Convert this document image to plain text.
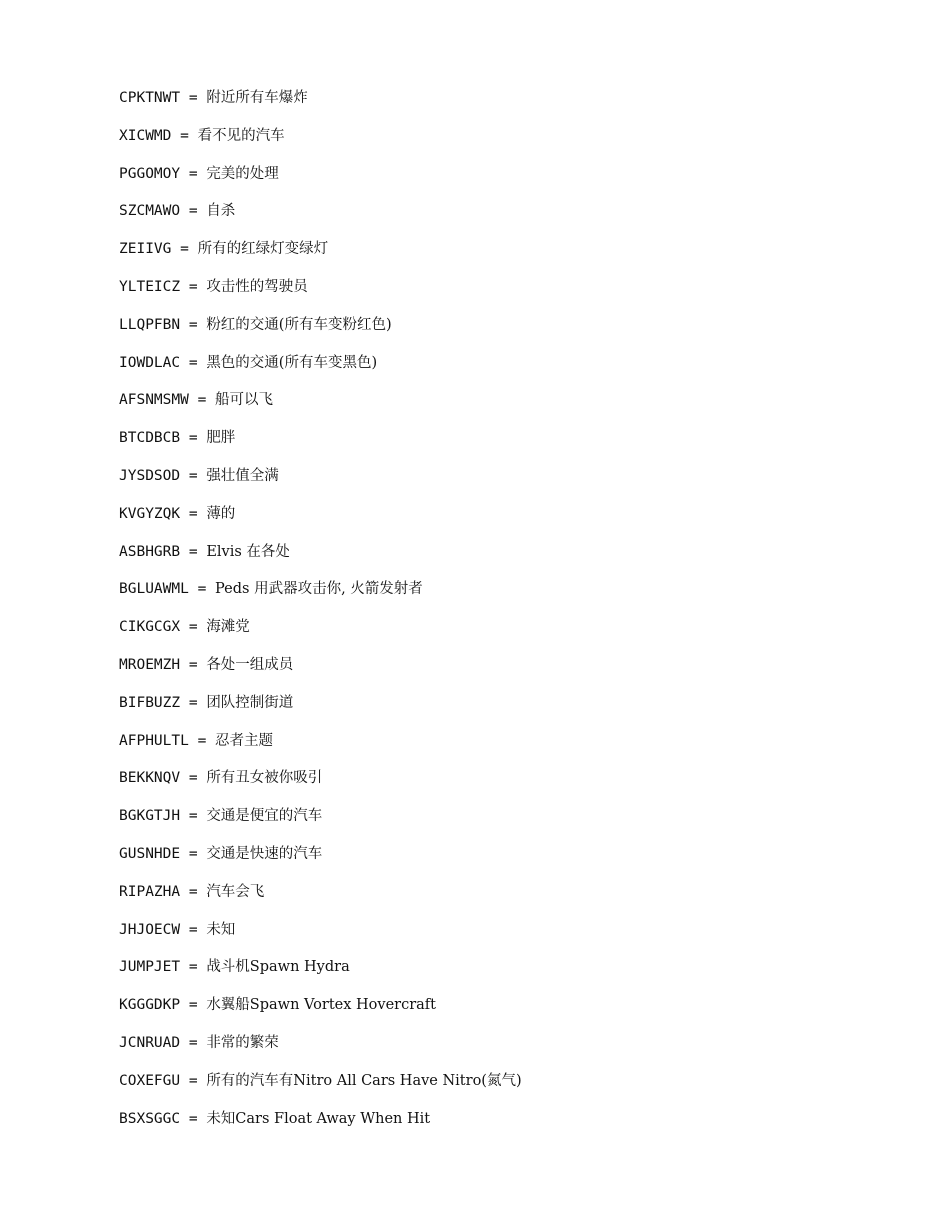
CPKTNWT = 附近所有车爆炸
XICWMD = 看不见的汽车
PGGOMOY = 完美的处理
SZCMAWO = 自杀
ZEIIVG = 所有的红绿灯变绿灯
YLTEICZ = 攻击性的驾驶员
LLQPFBN = 粉红的交通(所有车变粉红色)
IOWDLAC = 黑色的交通(所有车变黑色)
AFSNMSMW = 船可以飞
BTCDBCB = 肥胖
JYSDSOD = 强壮值全满
KVGYZQK = 薄的
ASBHGRB = Elvis 在各处
BGLUAWML = Peds 用武器攻击你, 火箭发射者
CIKGCGX = 海滩党
MROEMZH = 各处一组成员
BIFBUZZ = 团队控制街道
AFPHULTL = 忍者主题
BEKKNQV = 所有丑女被你吸引
BGKGTJH = 交通是便宜的汽车
GUSNHDE = 交通是快速的汽车
RIPAZHA = 汽车会飞
JHJOECW = 未知
JUMPJET = 战斗机Spawn Hydra
KGGGDKP = 水翼船Spawn Vortex Hovercraft
JCNRUAD = 非常的繁荣
COXEFGU = 所有的汽车有Nitro All Cars Have Nitro(氮气)
BSXSGGC = 未知Cars Float Away When Hit
